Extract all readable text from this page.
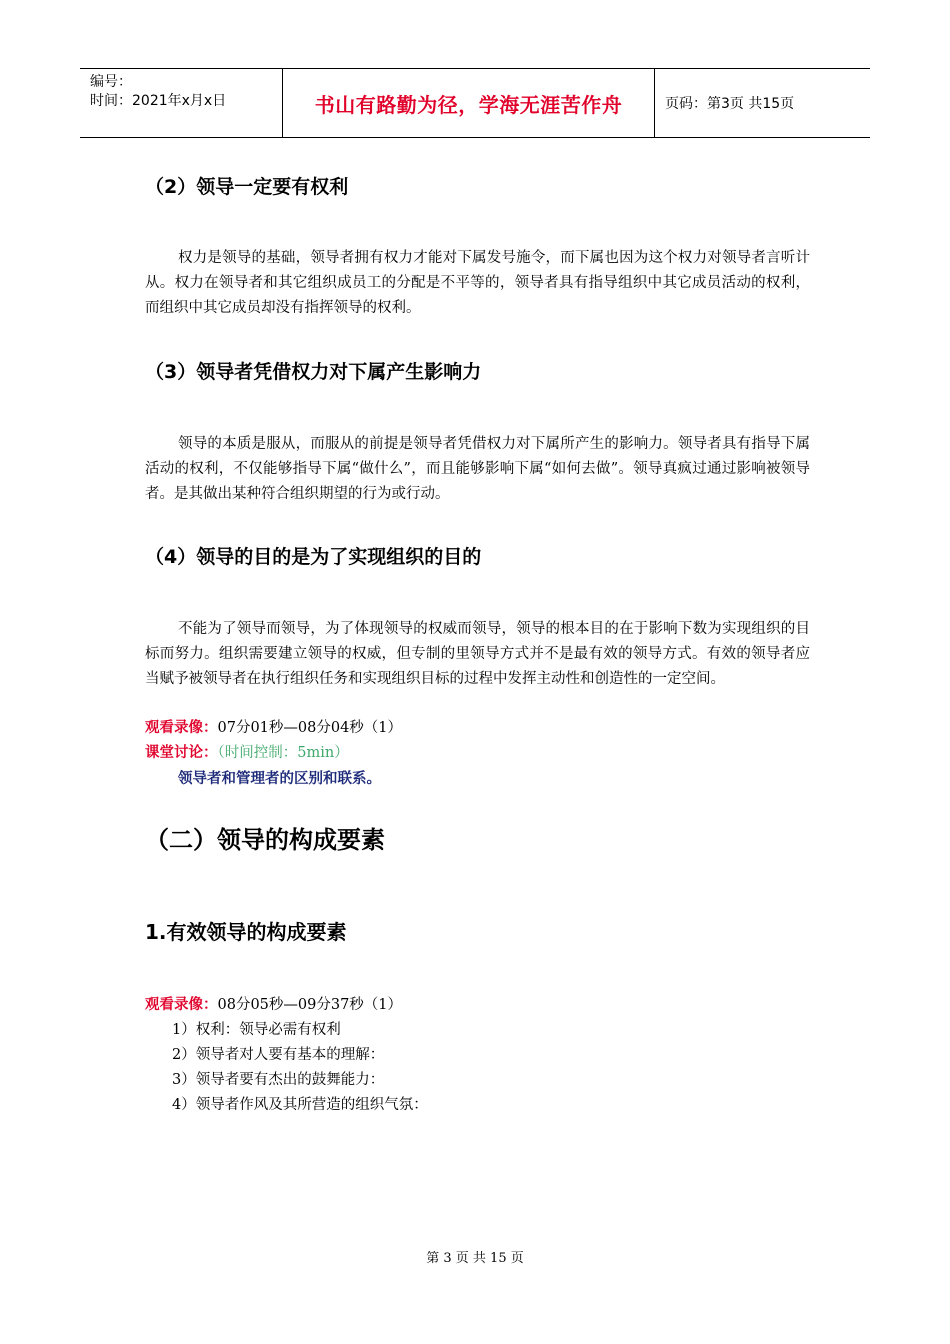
编号：
时间：2021年x月x日	书山有路勤为径，学海无涯苦作舟	页码：第3页 共15页
（2）领导一定要有权利
权力是领导的基础，领导者拥有权力才能对下属发号施令，而下属也因为这个权力对领导者言听计从。权力在领导者和其它组织成员工的分配是不平等的，领导者具有指导组织中其它成员活动的权利，而组织中其它成员却没有指挥领导的权利。
（3）领导者凭借权力对下属产生影响力
领导的本质是服从，而服从的前提是领导者凭借权力对下属所产生的影响力。领导者具有指导下属活动的权利，不仅能够指导下属“做什么”，而且能够影响下属“如何去做”。领导真疯过通过影响被领导者。是其做出某种符合组织期望的行为或行动。
（4）领导的目的是为了实现组织的目的
不能为了领导而领导，为了体现领导的权威而领导，领导的根本目的在于影响下数为实现组织的目标而努力。组织需要建立领导的权威，但专制的里领导方式并不是最有效的领导方式。有效的领导者应当赋予被领导者在执行组织任务和实现组织目标的过程中发挥主动性和创造性的一定空间。
观看录像：07分01秒—08分04秒（1）
课堂讨论：（时间控制：5min）
领导者和管理者的区别和联系。
（二）领导的构成要素
1.有效领导的构成要素
观看录像：08分05秒—09分37秒（1）
1）权利：领导必需有权利
2）领导者对人要有基本的理解：
3）领导者要有杰出的鼓舞能力：
4）领导者作风及其所营造的组织气氛：
第 3 页 共 15 页
